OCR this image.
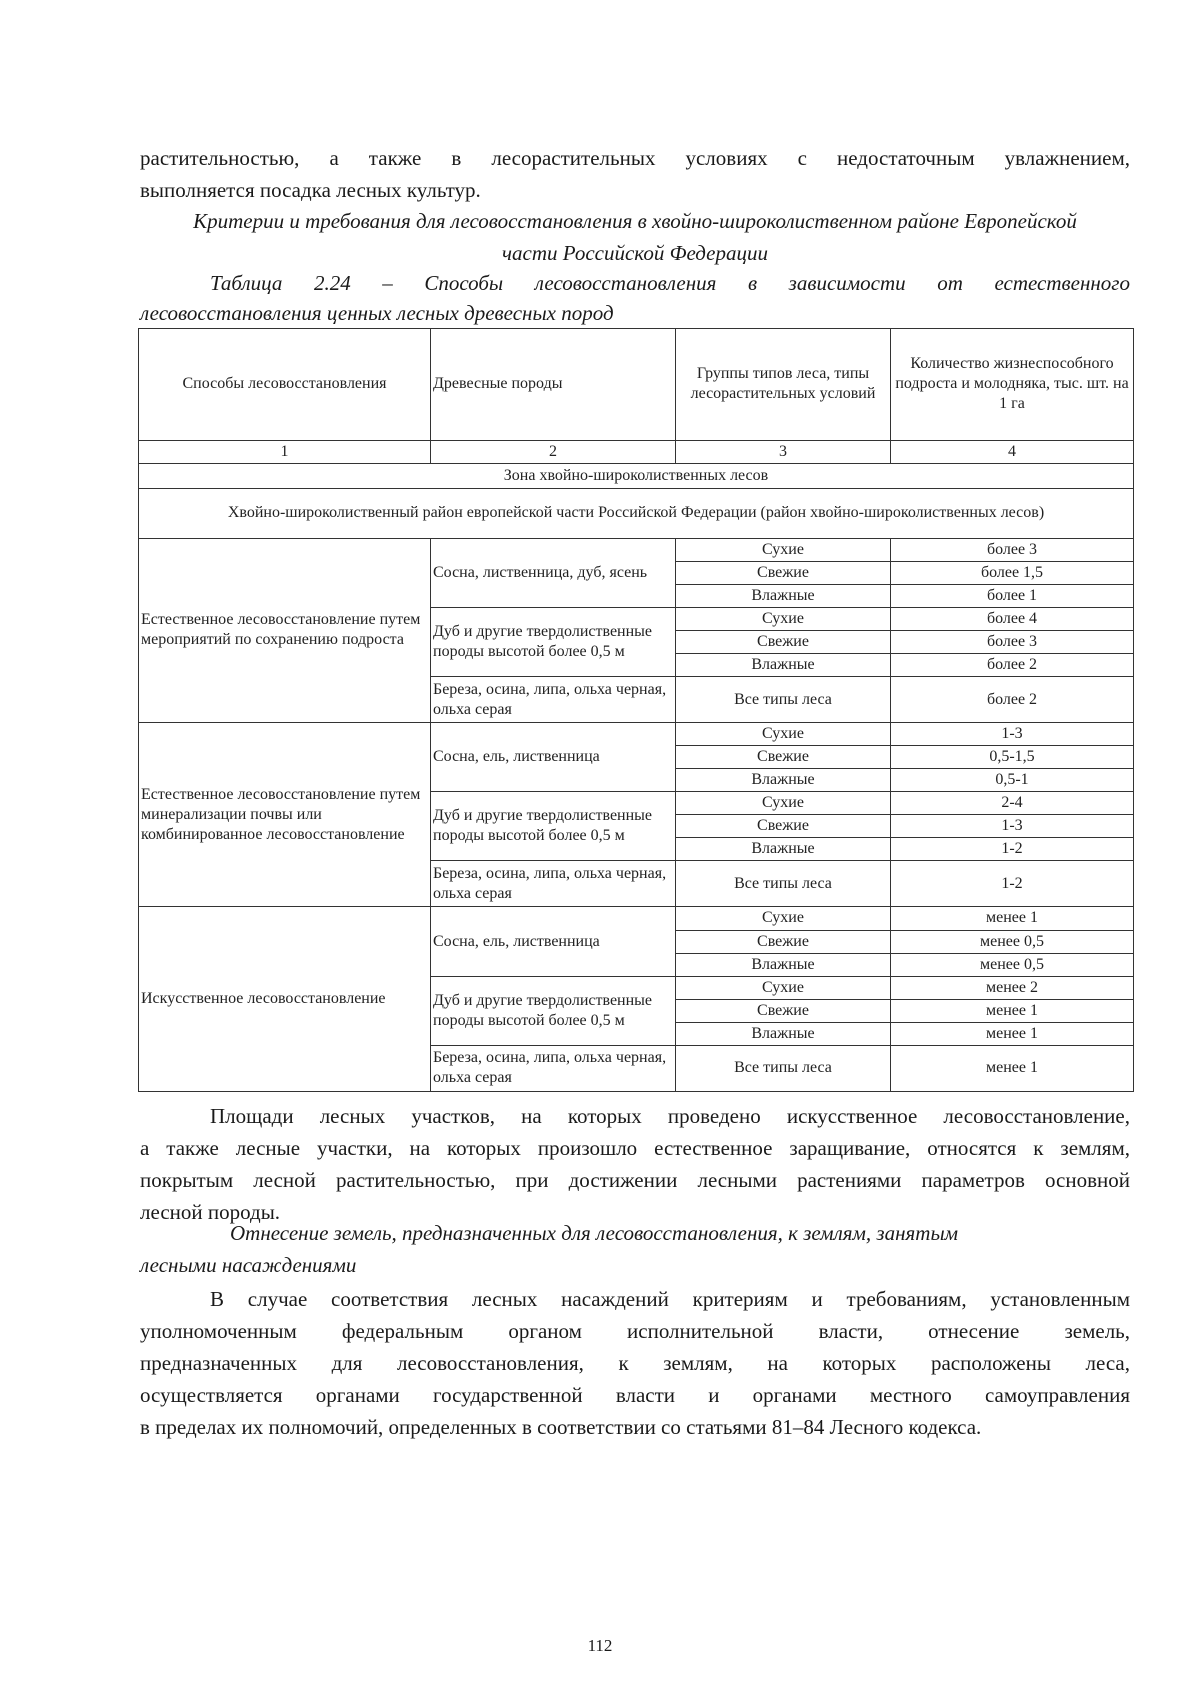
растительностью, а также в лесорастительных условиях с недостаточным увлажнением,
выполняется посадка лесных культур.
Критерии и требования для лесовосстановления в хвойно-широколиственном районе Европейской
части Российской Федерации
Таблица 2.24 – Способы лесовосстановления в зависимости от естественного
лесовосстановления ценных лесных древесных пород
Способы лесовосстановления	Древесные породы	Группы типов леса, типы лесорастительных условий	Количество жизнеспособного подроста и молодняка, тыс. шт. на 1 га
1	2	3	4
Зона хвойно-широколиственных лесов			
Хвойно-широколиственный район европейской части Российской Федерации (район хвойно-широколиственных лесов)			
Естественное лесовосстановление путем мероприятий по сохранению подроста	Сосна, лиственница, дуб, ясень	Сухие	более 3
		Свежие	более 1,5
		Влажные	более 1
	Дуб и другие твердолиственные породы высотой более 0,5 м	Сухие	более 4
		Свежие	более 3
		Влажные	более 2
	Береза, осина, липа, ольха черная, ольха серая	Все типы леса	более 2
Естественное лесовосстановление путем минерализации почвы или комбинированное лесовосстановление	Сосна, ель, лиственница	Сухие	1-3
		Свежие	0,5-1,5
		Влажные	0,5-1
	Дуб и другие твердолиственные породы высотой более 0,5 м	Сухие	2-4
		Свежие	1-3
		Влажные	1-2
	Береза, осина, липа, ольха черная, ольха серая	Все типы леса	1-2
Искусственное лесовосстановление	Сосна, ель, лиственница	Сухие	менее 1
		Свежие	менее 0,5
		Влажные	менее 0,5
	Дуб и другие твердолиственные породы высотой более 0,5 м	Сухие	менее 2
		Свежие	менее 1
		Влажные	менее 1
	Береза, осина, липа, ольха черная, ольха серая	Все типы леса	менее 1
Площади лесных участков, на которых проведено искусственное лесовосстановление,
а также лесные участки, на которых произошло естественное заращивание, относятся к землям,
покрытым лесной растительностью, при достижении лесными растениями параметров основной
лесной породы.
Отнесение земель, предназначенных для лесовосстановления, к землям, занятым
лесными насаждениями
В случае соответствия лесных насаждений критериям и требованиям, установленным
уполномоченным федеральным органом исполнительной власти, отнесение земель,
предназначенных для лесовосстановления, к землям, на которых расположены леса,
осуществляется органами государственной власти и органами местного самоуправления
в пределах их полномочий, определенных в соответствии со статьями 81–84 Лесного кодекса.
112
